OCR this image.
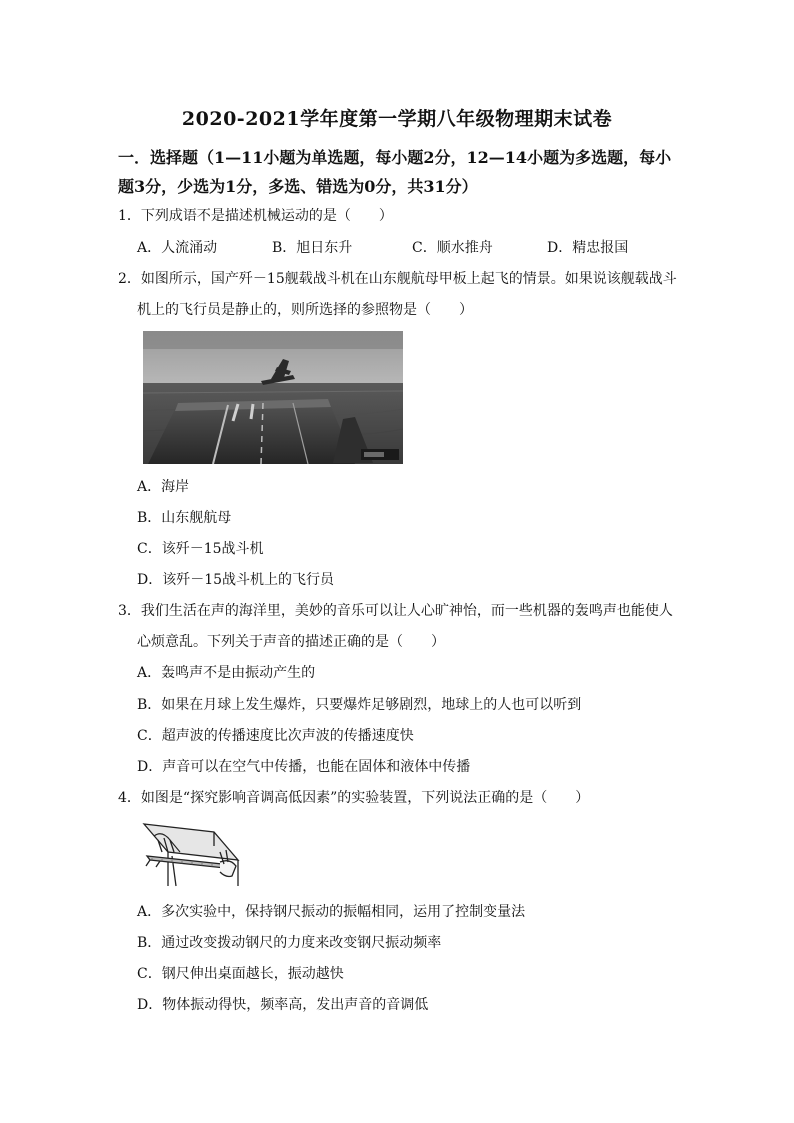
2020-2021学年度第一学期八年级物理期末试卷
一．选择题（1—11小题为单选题，每小题2分，12—14小题为多选题，每小
题3分，少选为1分，多选、错选为0分，共31分）
1．下列成语不是描述机械运动的是（　　）
A．人流涌动	B．旭日东升	C．顺水推舟	D．精忠报国
2．如图所示，国产歼－15舰载战斗机在山东舰航母甲板上起飞的情景。如果说该舰载战斗
机上的飞行员是静止的，则所选择的参照物是（　　）
A．海岸
B．山东舰航母
C．该歼－15战斗机
D．该歼－15战斗机上的飞行员
3．我们生活在声的海洋里，美妙的音乐可以让人心旷神怡，而一些机器的轰鸣声也能使人
心烦意乱。下列关于声音的描述正确的是（　　）
A．轰鸣声不是由振动产生的
B．如果在月球上发生爆炸，只要爆炸足够剧烈，地球上的人也可以听到
C．超声波的传播速度比次声波的传播速度快
D．声音可以在空气中传播，也能在固体和液体中传播
4．如图是“探究影响音调高低因素”的实验装置，下列说法正确的是（　　）
A．多次实验中，保持钢尺振动的振幅相同，运用了控制变量法
B．通过改变拨动钢尺的力度来改变钢尺振动频率
C．钢尺伸出桌面越长，振动越快
D．物体振动得快，频率高，发出声音的音调低
